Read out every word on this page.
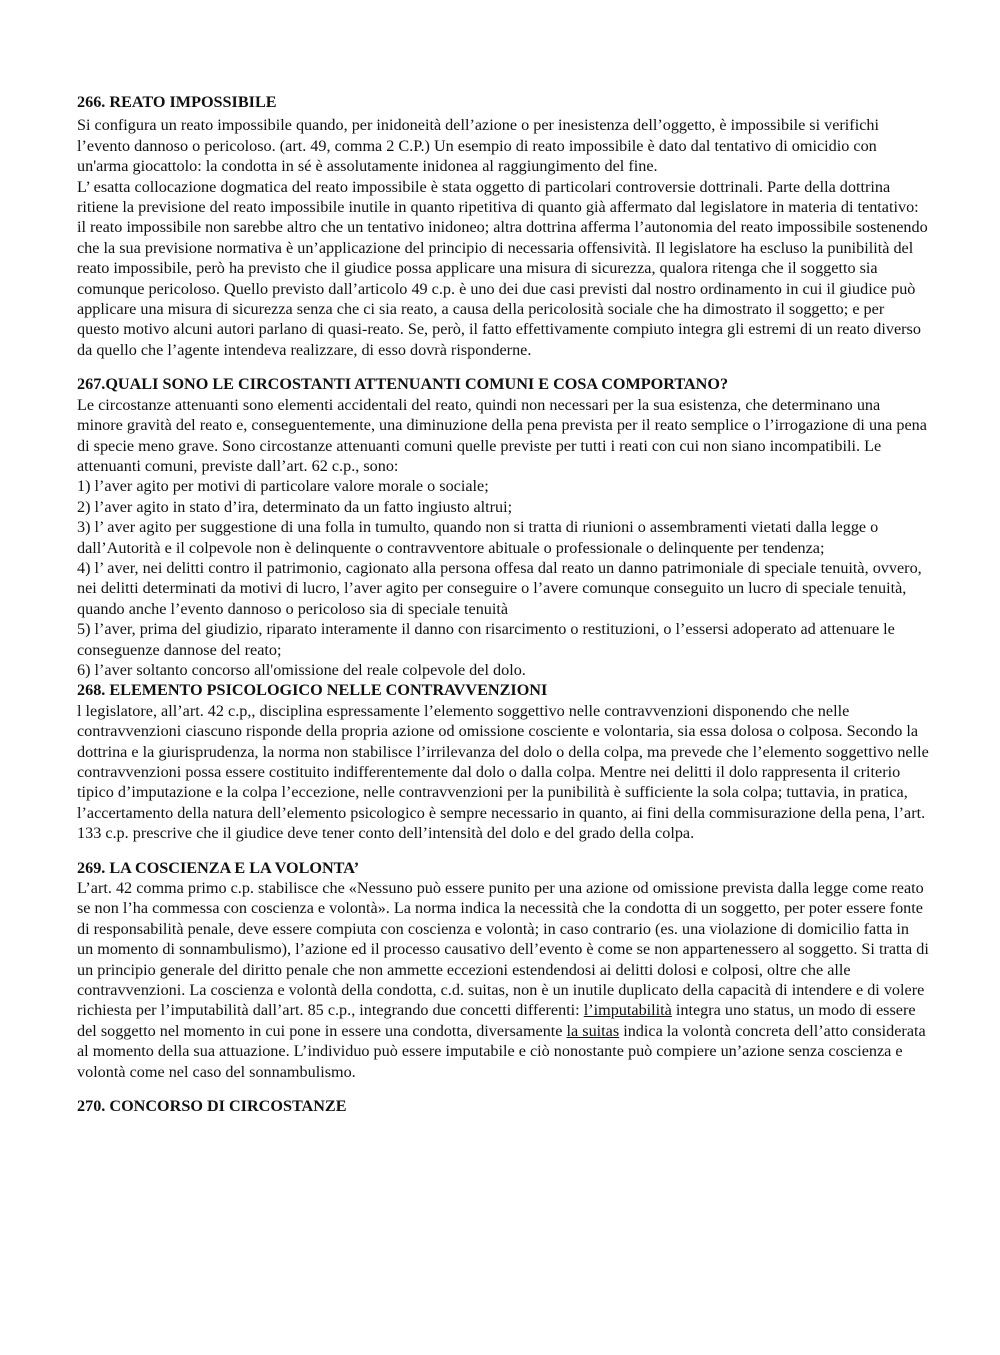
266. REATO IMPOSSIBILE

Si configura un reato impossibile quando, per inidoneità dell’azione o per inesistenza dell’oggetto, è impossibile si verifichi l’evento dannoso o pericoloso. (art. 49, comma 2 C.P.) Un esempio di reato impossibile è dato dal tentativo di omicidio con un'arma giocattolo: la condotta in sé è assolutamente inidonea al raggiungimento del fine.

L’ esatta collocazione dogmatica del reato impossibile è stata oggetto di particolari controversie dottrinali. Parte della dottrina ritiene la previsione del reato impossibile inutile in quanto ripetitiva di quanto già affermato dal legislatore in materia di tentativo: il reato impossibile non sarebbe altro che un tentativo inidoneo; altra dottrina afferma l’autonomia del reato impossibile sostenendo che la sua previsione normativa è un’applicazione del principio di necessaria offensività. Il legislatore ha escluso la punibilità del reato impossibile, però ha previsto che il giudice possa applicare una misura di sicurezza, qualora ritenga che il soggetto sia comunque pericoloso. Quello previsto dall’articolo 49 c.p. è uno dei due casi previsti dal nostro ordinamento in cui il giudice può applicare una misura di sicurezza senza che ci sia reato, a causa della pericolosità sociale che ha dimostrato il soggetto; e per questo motivo alcuni autori parlano di quasi-reato. Se, però, il fatto effettivamente compiuto integra gli estremi di un reato diverso da quello che l’agente intendeva realizzare, di esso dovrà risponderne.

267.QUALI SONO LE CIRCOSTANTI ATTENUANTI COMUNI E COSA COMPORTANO?

Le circostanze attenuanti sono elementi accidentali del reato, quindi non necessari per la sua esistenza, che determinano una minore gravità del reato e, conseguentemente, una diminuzione della pena prevista per il reato semplice o l’irrogazione di una pena di specie meno grave. Sono circostanze attenuanti comuni quelle previste per tutti i reati con cui non siano incompatibili. Le attenuanti comuni, previste dall’art. 62 c.p., sono:

1) l’aver agito per motivi di particolare valore morale o sociale;

2) l’aver agito in stato d’ira, determinato da un fatto ingiusto altrui;

3) l’ aver agito per suggestione di una folla in tumulto, quando non si tratta di riunioni o assembramenti vietati dalla legge o dall’Autorità e il colpevole non è delinquente o contravventore abituale o professionale o delinquente per tendenza;

4) l’ aver, nei delitti contro il patrimonio, cagionato alla persona offesa dal reato un danno patrimoniale di speciale tenuità, ovvero, nei delitti determinati da motivi di lucro, l’aver agito per conseguire o l’avere comunque conseguito un lucro di speciale tenuità, quando anche l’evento dannoso o pericoloso sia di speciale tenuità

5) l’aver, prima del giudizio, riparato interamente il danno con risarcimento o restituzioni, o l’essersi adoperato ad attenuare le conseguenze dannose del reato;

6) l’aver soltanto concorso all'omissione del reale colpevole del dolo.

268. ELEMENTO PSICOLOGICO NELLE CONTRAVVENZIONI

l legislatore, all’art. 42 c.p,, disciplina espressamente l’elemento soggettivo nelle contravvenzioni disponendo che nelle contravvenzioni ciascuno risponde della propria azione od omissione cosciente e volontaria, sia essa dolosa o colposa. Secondo la dottrina e la giurisprudenza, la norma non stabilisce l’irrilevanza del dolo o della colpa, ma prevede che l’elemento soggettivo nelle contravvenzioni possa essere costituito indifferentemente dal dolo o dalla colpa. Mentre nei delitti il dolo rappresenta il criterio tipico d’imputazione e la colpa l’eccezione, nelle contravvenzioni per la punibilità è sufficiente la sola colpa; tuttavia, in pratica, l’accertamento della natura dell’elemento psicologico è sempre necessario in quanto, ai fini della commisurazione della pena, l’art. 133 c.p. prescrive che il giudice deve tener conto dell’intensità del dolo e del grado della colpa.

269. LA COSCIENZA E LA VOLONTA’

L’art. 42 comma primo c.p. stabilisce che «Nessuno può essere punito per una azione od omissione prevista dalla legge come reato se non l’ha commessa con coscienza e volontà». La norma indica la necessità che la condotta di un soggetto, per poter essere fonte di responsabilità penale, deve essere compiuta con coscienza e volontà; in caso contrario (es. una violazione di domicilio fatta in un momento di sonnambulismo), l’azione ed il processo causativo dell’evento è come se non appartenessero al soggetto. Si tratta di un principio generale del diritto penale che non ammette eccezioni estendendosi ai delitti dolosi e colposi, oltre che alle contravvenzioni. La coscienza e volontà della condotta, c.d. suitas, non è un inutile duplicato della capacità di intendere e di volere richiesta per l’imputabilità dall’art. 85 c.p., integrando due concetti differenti: l’imputabilità integra uno status, un modo di essere del soggetto nel momento in cui pone in essere una condotta, diversamente la suitas indica la volontà concreta dell’atto considerata al momento della sua attuazione. L’individuo può essere imputabile e ciò nonostante può compiere un’azione senza coscienza e volontà come nel caso del sonnambulismo.

270. CONCORSO DI CIRCOSTANZE
